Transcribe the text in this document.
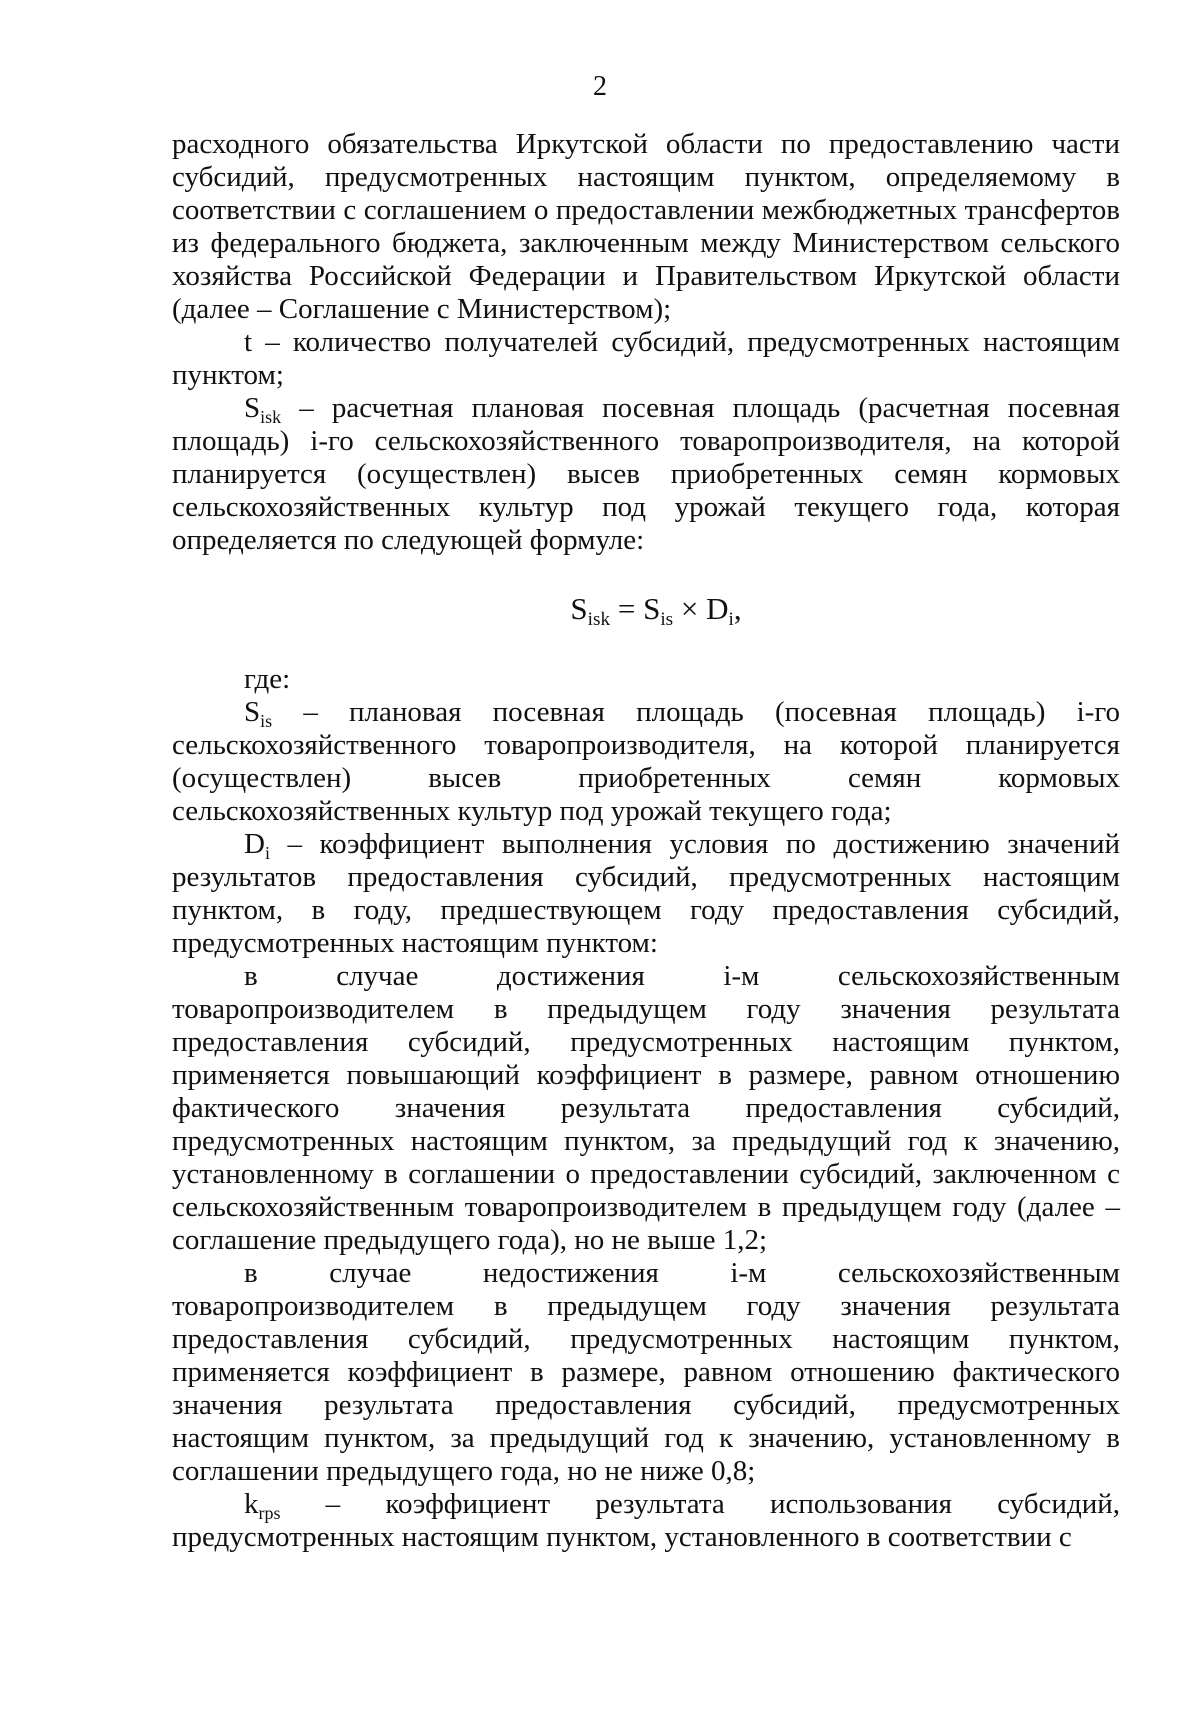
2

расходного обязательства Иркутской области по предоставлению части субсидий, предусмотренных настоящим пунктом, определяемому в соответствии с соглашением о предоставлении межбюджетных трансфертов из федерального бюджета, заключенным между Министерством сельского хозяйства Российской Федерации и Правительством Иркутской области (далее – Соглашение с Министерством);

t – количество получателей субсидий, предусмотренных настоящим пунктом;

$S_{isk}$ – расчетная плановая посевная площадь (расчетная посевная площадь) i-го сельскохозяйственного товаропроизводителя, на которой планируется (осуществлен) высев приобретенных семян кормовых сельскохозяйственных культур под урожай текущего года, которая определяется по следующей формуле:

$S_{isk} = S_{is} \times D_i$,

где:

$S_{is}$ – плановая посевная площадь (посевная площадь) i-го сельскохозяйственного товаропроизводителя, на которой планируется (осуществлен) высев приобретенных семян кормовых сельскохозяйственных культур под урожай текущего года;

$D_i$ – коэффициент выполнения условия по достижению значений результатов предоставления субсидий, предусмотренных настоящим пунктом, в году, предшествующем году предоставления субсидий, предусмотренных настоящим пунктом:

в случае достижения i-м сельскохозяйственным товаропроизводителем в предыдущем году значения результата предоставления субсидий, предусмотренных настоящим пунктом, применяется повышающий коэффициент в размере, равном отношению фактического значения результата предоставления субсидий, предусмотренных настоящим пунктом, за предыдущий год к значению, установленному в соглашении о предоставлении субсидий, заключенном с сельскохозяйственным товаропроизводителем в предыдущем году (далее – соглашение предыдущего года), но не выше 1,2;

в случае недостижения i-м сельскохозяйственным товаропроизводителем в предыдущем году значения результата предоставления субсидий, предусмотренных настоящим пунктом, применяется коэффициент в размере, равном отношению фактического значения результата предоставления субсидий, предусмотренных настоящим пунктом, за предыдущий год к значению, установленному в соглашении предыдущего года, но не ниже 0,8;

$k_{rps}$ – коэффициент результата использования субсидий, предусмотренных настоящим пунктом, установленного в соответствии с
